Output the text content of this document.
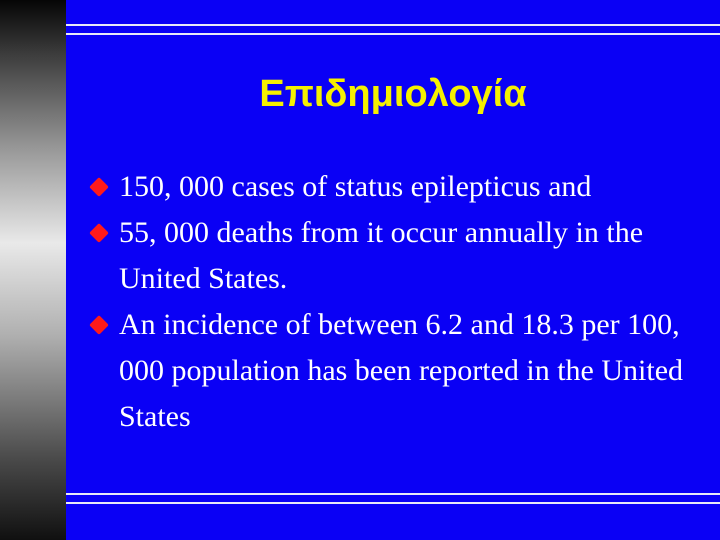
Επιδημιολογία
150, 000 cases of status epilepticus and
55, 000 deaths from it occur annually in the United States.
An incidence of between 6.2 and 18.3 per 100, 000 population has been reported in the United States
